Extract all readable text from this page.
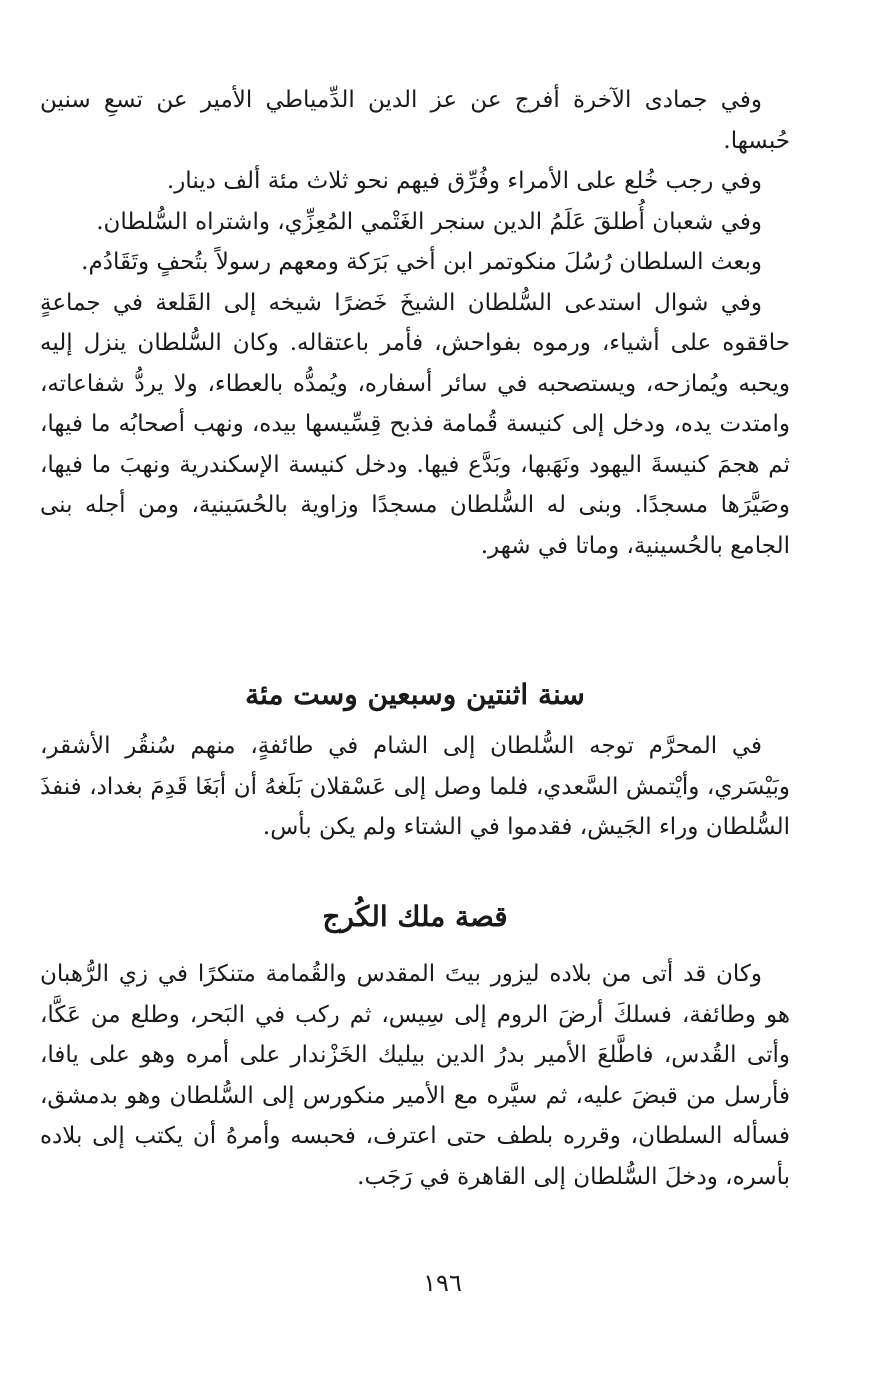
وفي جمادى الآخرة أفرج عن عز الدين الدِّمياطي الأمير عن تسعِ سنين حُبسها.

وفي رجب خُلع على الأمراء وفُرِّق فيهم نحو ثلاث مئة ألف دينار.

وفي شعبان أُطلقَ عَلَمُ الدين سنجر الغَتْمي المُعِزِّي، واشتراه السُّلطان.

وبعث السلطان رُسُلَ منكوتمر ابن أخي بَرَكة ومعهم رسولاً بتُحفٍ وتَقَادُم.

وفي شوال استدعى السُّلطان الشيخَ خَضرًا شيخه إلى القَلعة في جماعةٍ حاققوه على أشياء، ورموه بفواحش، فأمر باعتقاله. وكان السُّلطان ينزل إليه ويحبه ويُمازحه، ويستصحبه في سائر أسفاره، ويُمدُّه بالعطاء، ولا يردُّ شفاعاته، وامتدت يده، ودخل إلى كنيسة قُمامة فذبح قِسِّيسها بيده، ونهب أصحابُه ما فيها، ثم هجمَ كنيسةَ اليهود ونَهَبها، وبَدَّع فيها. ودخل كنيسة الإسكندرية ونهبَ ما فيها، وصَيَّرَها مسجدًا. وبنى له السُّلطان مسجدًا وزاوية بالحُسَينية، ومن أجله بنى الجامع بالحُسينية، وماتا في شهر.

سنة اثنتين وسبعين وست مئة

في المحرَّم توجه السُّلطان إلى الشام في طائفةٍ، منهم سُنقُر الأشقر، وبَيْسَري، وأيْتمش السَّعدي، فلما وصل إلى عَسْقلان بَلَغهُ أن أبَغَا قَدِمَ بغداد، فنفذَ السُّلطان وراء الجَيش، فقدموا في الشتاء ولم يكن بأس.

قصة ملك الكُرج

وكان قد أتى من بلاده ليزور بيتَ المقدس والقُمامة متنكرًا في زي الرُّهبان هو وطائفة، فسلكَ أرضَ الروم إلى سِيس، ثم ركب في البَحر، وطلع من عَكَّا، وأتى القُدس، فاطَّلعَ الأمير بدرُ الدين بيليك الخَزْندار على أمره وهو على يافا، فأرسل من قبضَ عليه، ثم سيَّره مع الأمير منكورس إلى السُّلطان وهو بدمشق، فسأله السلطان، وقرره بلطف حتى اعترف، فحبسه وأمرهُ أن يكتب إلى بلاده بأسره، ودخلَ السُّلطان إلى القاهرة في رَجَب.

١٩٦
